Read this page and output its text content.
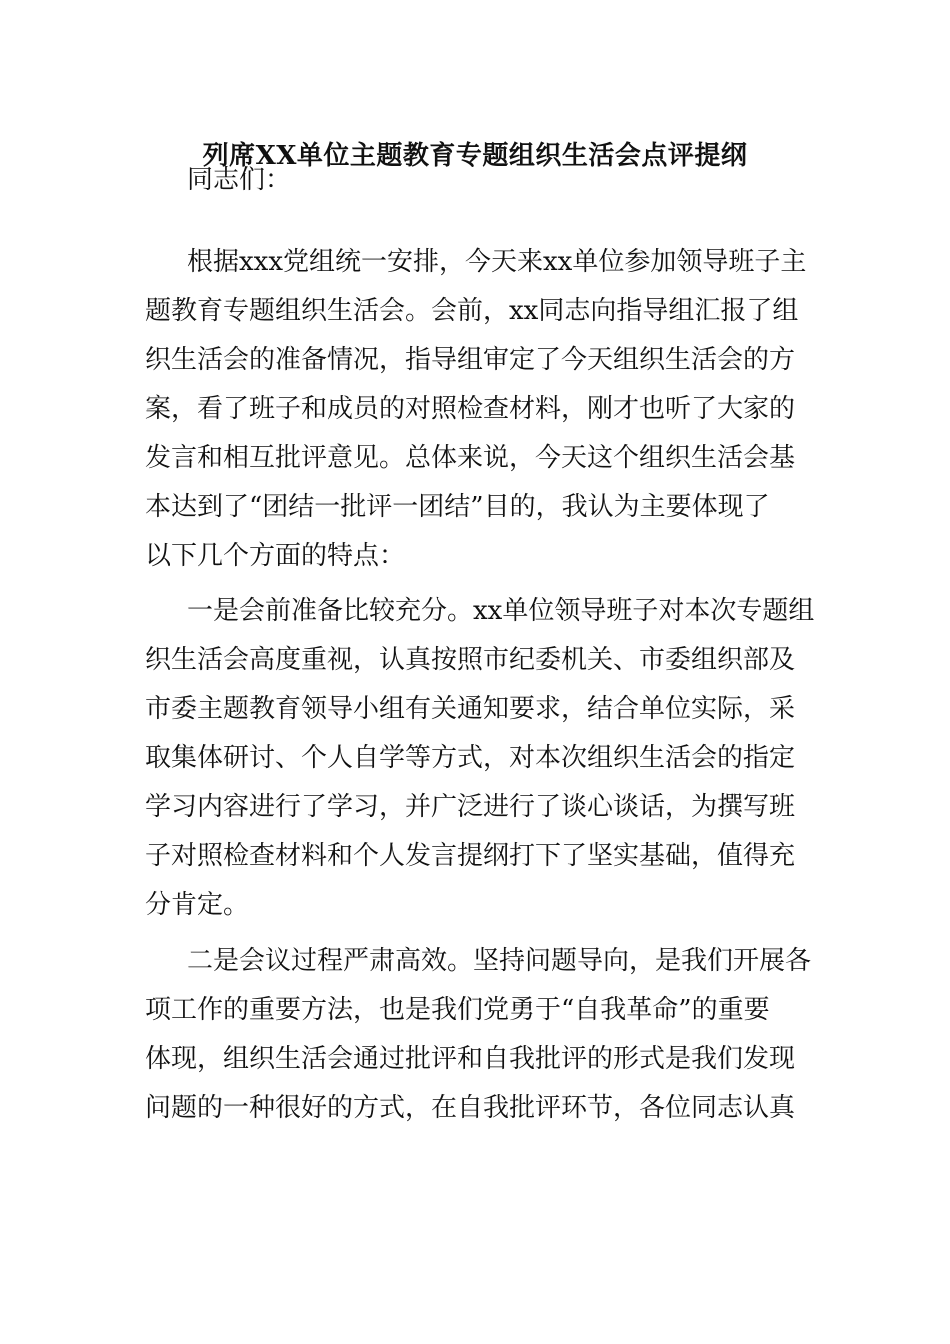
列席XX单位主题教育专题组织生活会点评提纲

同志们：

根据xxx党组统一安排，今天来xx单位参加领导班子主

题教育专题组织生活会。会前，xx同志向指导组汇报了组

织生活会的准备情况，指导组审定了今天组织生活会的方

案，看了班子和成员的对照检查材料，刚才也听了大家的

发言和相互批评意见。总体来说，今天这个组织生活会基

本达到了“团结一批评一团结”目的，我认为主要体现了

以下几个方面的特点：

一是会前准备比较充分。xx单位领导班子对本次专题组

织生活会高度重视，认真按照市纪委机关、市委组织部及

市委主题教育领导小组有关通知要求，结合单位实际，采

取集体研讨、个人自学等方式，对本次组织生活会的指定

学习内容进行了学习，并广泛进行了谈心谈话，为撰写班

子对照检查材料和个人发言提纲打下了坚实基础，值得充

分肯定。

二是会议过程严肃高效。坚持问题导向，是我们开展各

项工作的重要方法，也是我们党勇于“自我革命”的重要

体现，组织生活会通过批评和自我批评的形式是我们发现

问题的一种很好的方式，在自我批评环节，各位同志认真
